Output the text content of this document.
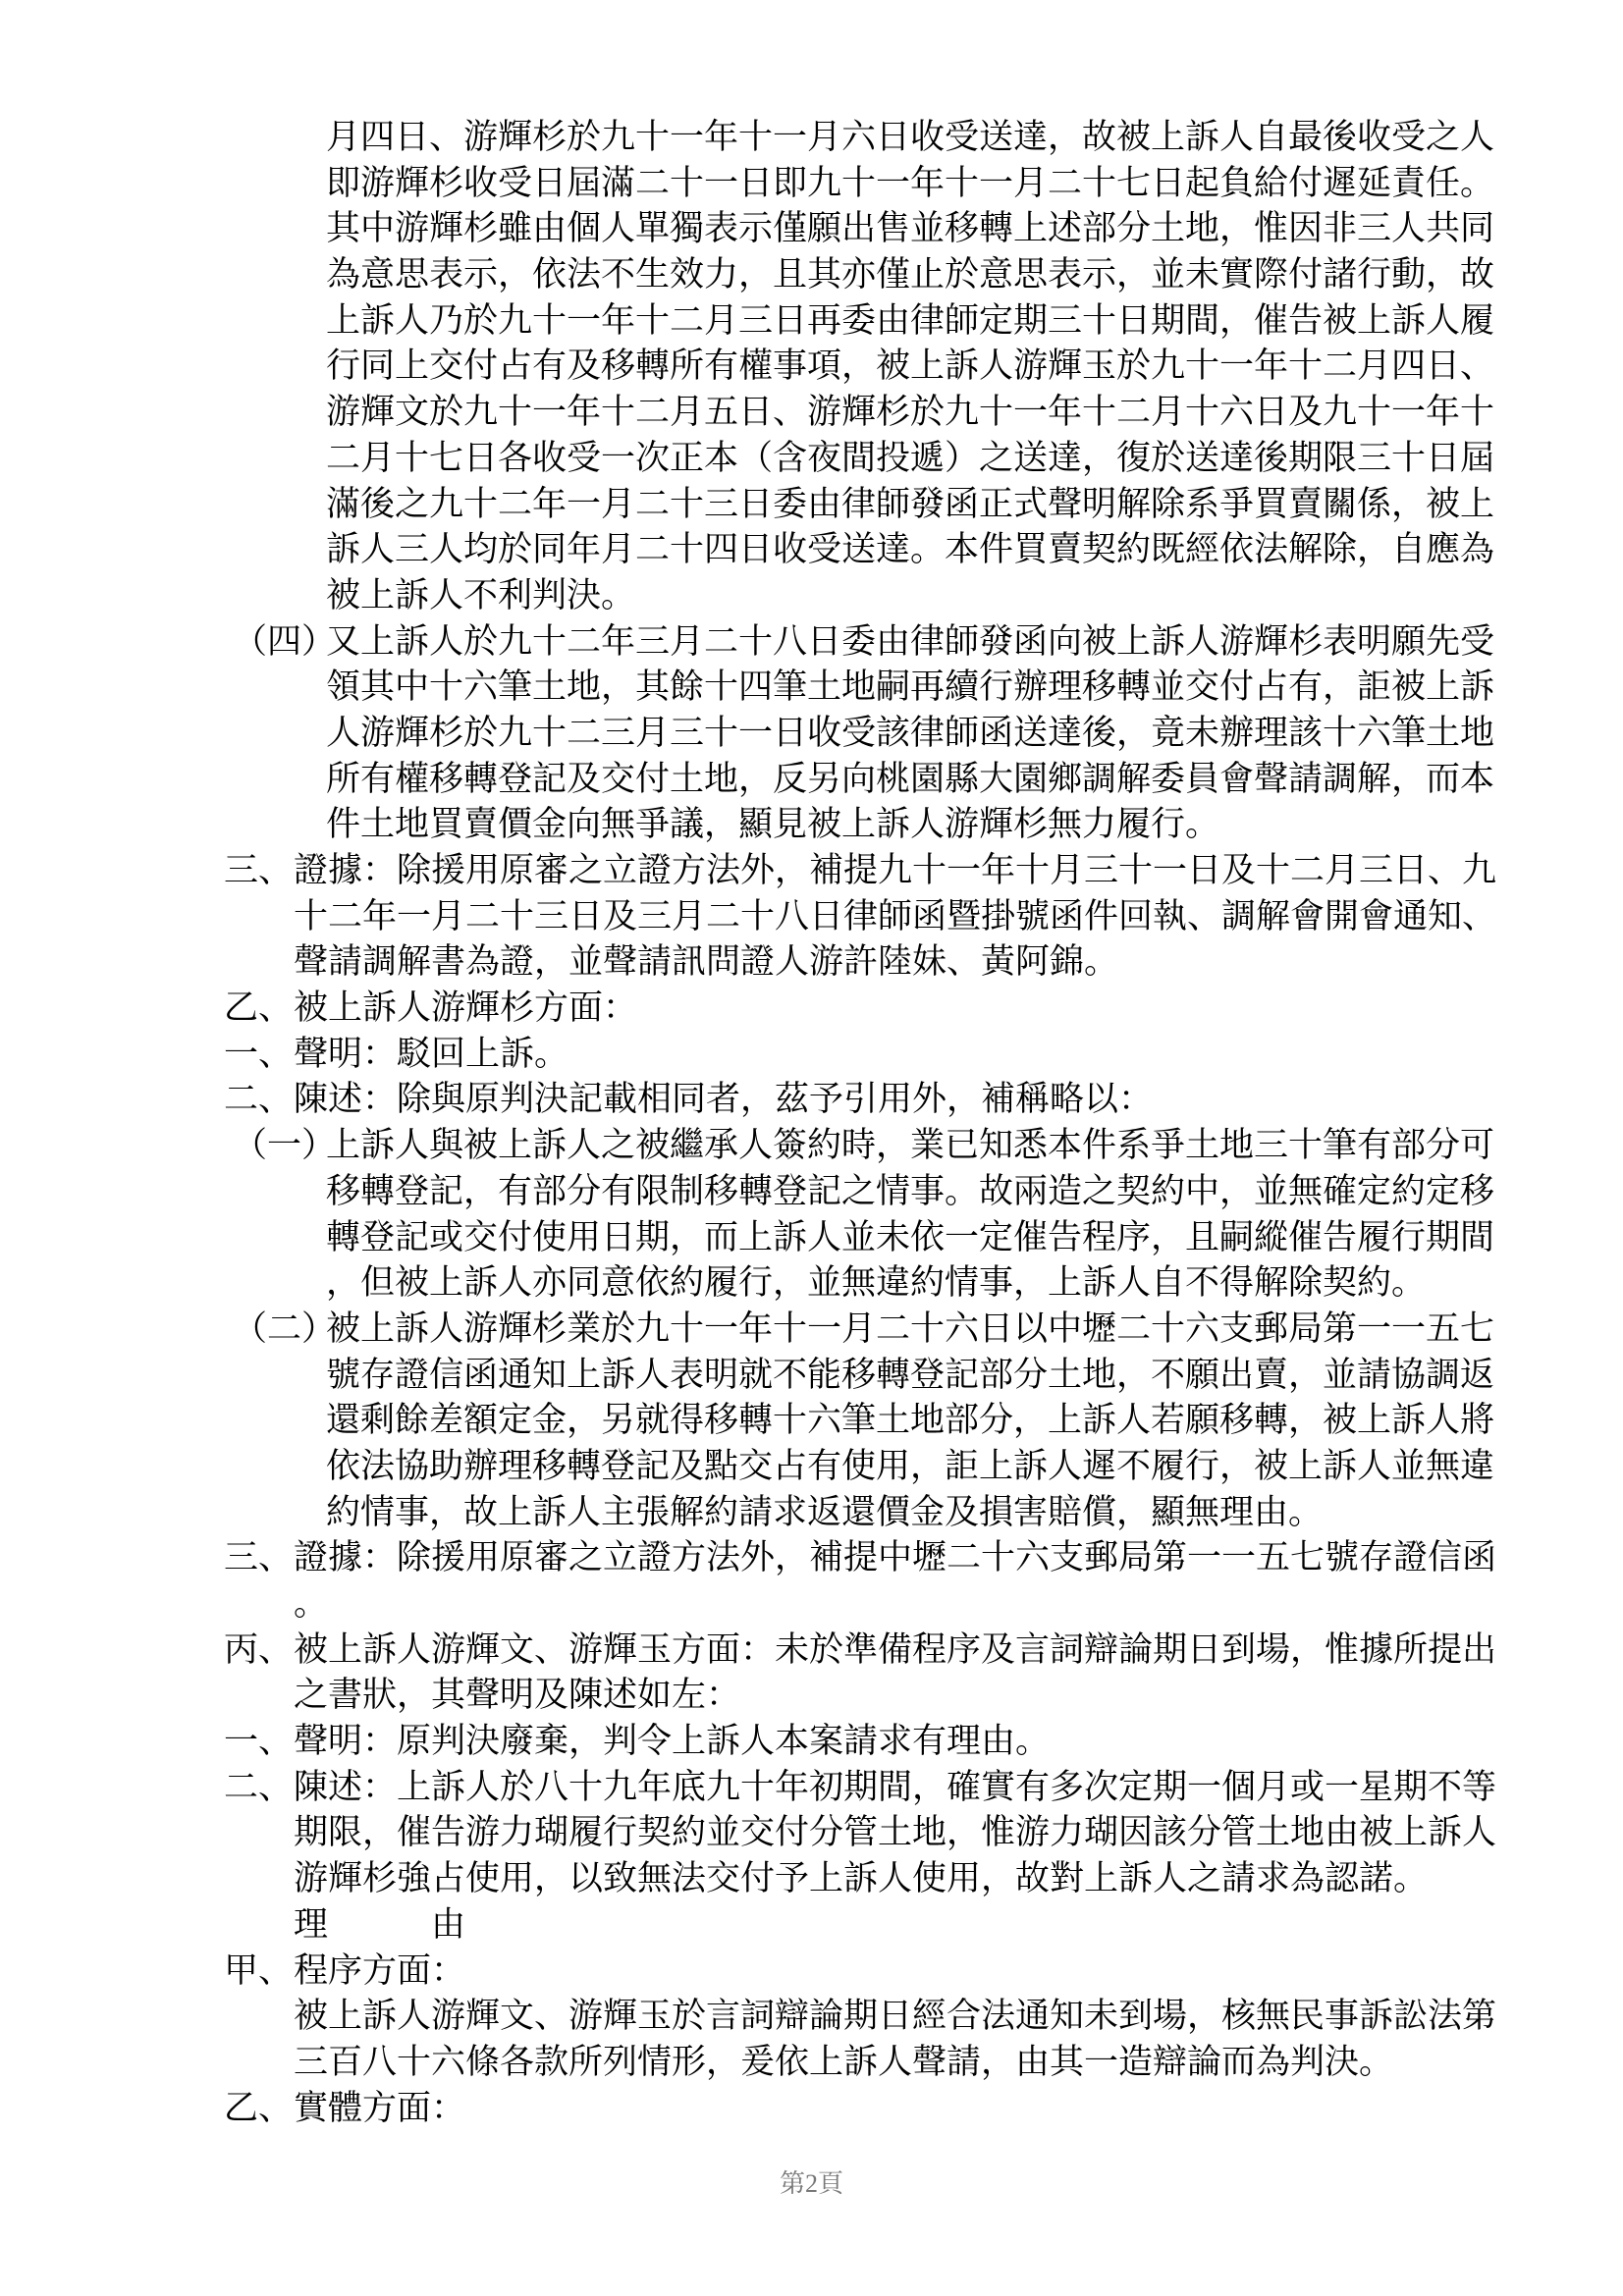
月四日、游輝杉於九十一年十一月六日收受送達，故被上訴人自最後收受之人
即游輝杉收受日屆滿二十一日即九十一年十一月二十七日起負給付遲延責任。
其中游輝杉雖由個人單獨表示僅願出售並移轉上述部分土地，惟因非三人共同
為意思表示，依法不生效力，且其亦僅止於意思表示，並未實際付諸行動，故
上訴人乃於九十一年十二月三日再委由律師定期三十日期間，催告被上訴人履
行同上交付占有及移轉所有權事項，被上訴人游輝玉於九十一年十二月四日、
游輝文於九十一年十二月五日、游輝杉於九十一年十二月十六日及九十一年十
二月十七日各收受一次正本（含夜間投遞）之送達，復於送達後期限三十日屆
滿後之九十二年一月二十三日委由律師發函正式聲明解除系爭買賣關係，被上
訴人三人均於同年月二十四日收受送達。本件買賣契約既經依法解除，自應為
被上訴人不利判決。
（四）
又上訴人於九十二年三月二十八日委由律師發函向被上訴人游輝杉表明願先受
領其中十六筆土地，其餘十四筆土地嗣再續行辦理移轉並交付占有，詎被上訴
人游輝杉於九十二三月三十一日收受該律師函送達後，竟未辦理該十六筆土地
所有權移轉登記及交付土地，反另向桃園縣大園鄉調解委員會聲請調解，而本
件土地買賣價金向無爭議，顯見被上訴人游輝杉無力履行。
三、 證據：除援用原審之立證方法外，補提九十一年十月三十一日及十二月三日、九
十二年一月二十三日及三月二十八日律師函暨掛號函件回執、調解會開會通知、
聲請調解書為證，並聲請訊問證人游許陸妹、黃阿錦。
乙、 被上訴人游輝杉方面：
一、 聲明：駁回上訴。
二、 陳述：除與原判決記載相同者，茲予引用外，補稱略以：
（一）
上訴人與被上訴人之被繼承人簽約時，業已知悉本件系爭土地三十筆有部分可
移轉登記，有部分有限制移轉登記之情事。故兩造之契約中，並無確定約定移
轉登記或交付使用日期，而上訴人並未依一定催告程序，且嗣縱催告履行期間
，但被上訴人亦同意依約履行，並無違約情事，上訴人自不得解除契約。
（二）
被上訴人游輝杉業於九十一年十一月二十六日以中壢二十六支郵局第一一五七
號存證信函通知上訴人表明就不能移轉登記部分土地，不願出賣，並請協調返
還剩餘差額定金，另就得移轉十六筆土地部分，上訴人若願移轉，被上訴人將
依法協助辦理移轉登記及點交占有使用，詎上訴人遲不履行，被上訴人並無違
約情事，故上訴人主張解約請求返還價金及損害賠償，顯無理由。
三、 證據：除援用原審之立證方法外，補提中壢二十六支郵局第一一五七號存證信函
。
丙、 被上訴人游輝文、游輝玉方面：未於準備程序及言詞辯論期日到場，惟據所提出
之書狀，其聲明及陳述如左：
一、 聲明：原判決廢棄，判令上訴人本案請求有理由。
二、 陳述：上訴人於八十九年底九十年初期間，確實有多次定期一個月或一星期不等
期限，催告游力瑚履行契約並交付分管土地，惟游力瑚因該分管土地由被上訴人
游輝杉強占使用，以致無法交付予上訴人使用，故對上訴人之請求為認諾。
理　　　由
甲、 程序方面：
被上訴人游輝文、游輝玉於言詞辯論期日經合法通知未到場，核無民事訴訟法第
三百八十六條各款所列情形，爰依上訴人聲請，由其一造辯論而為判決。
乙、 實體方面：
第2頁
